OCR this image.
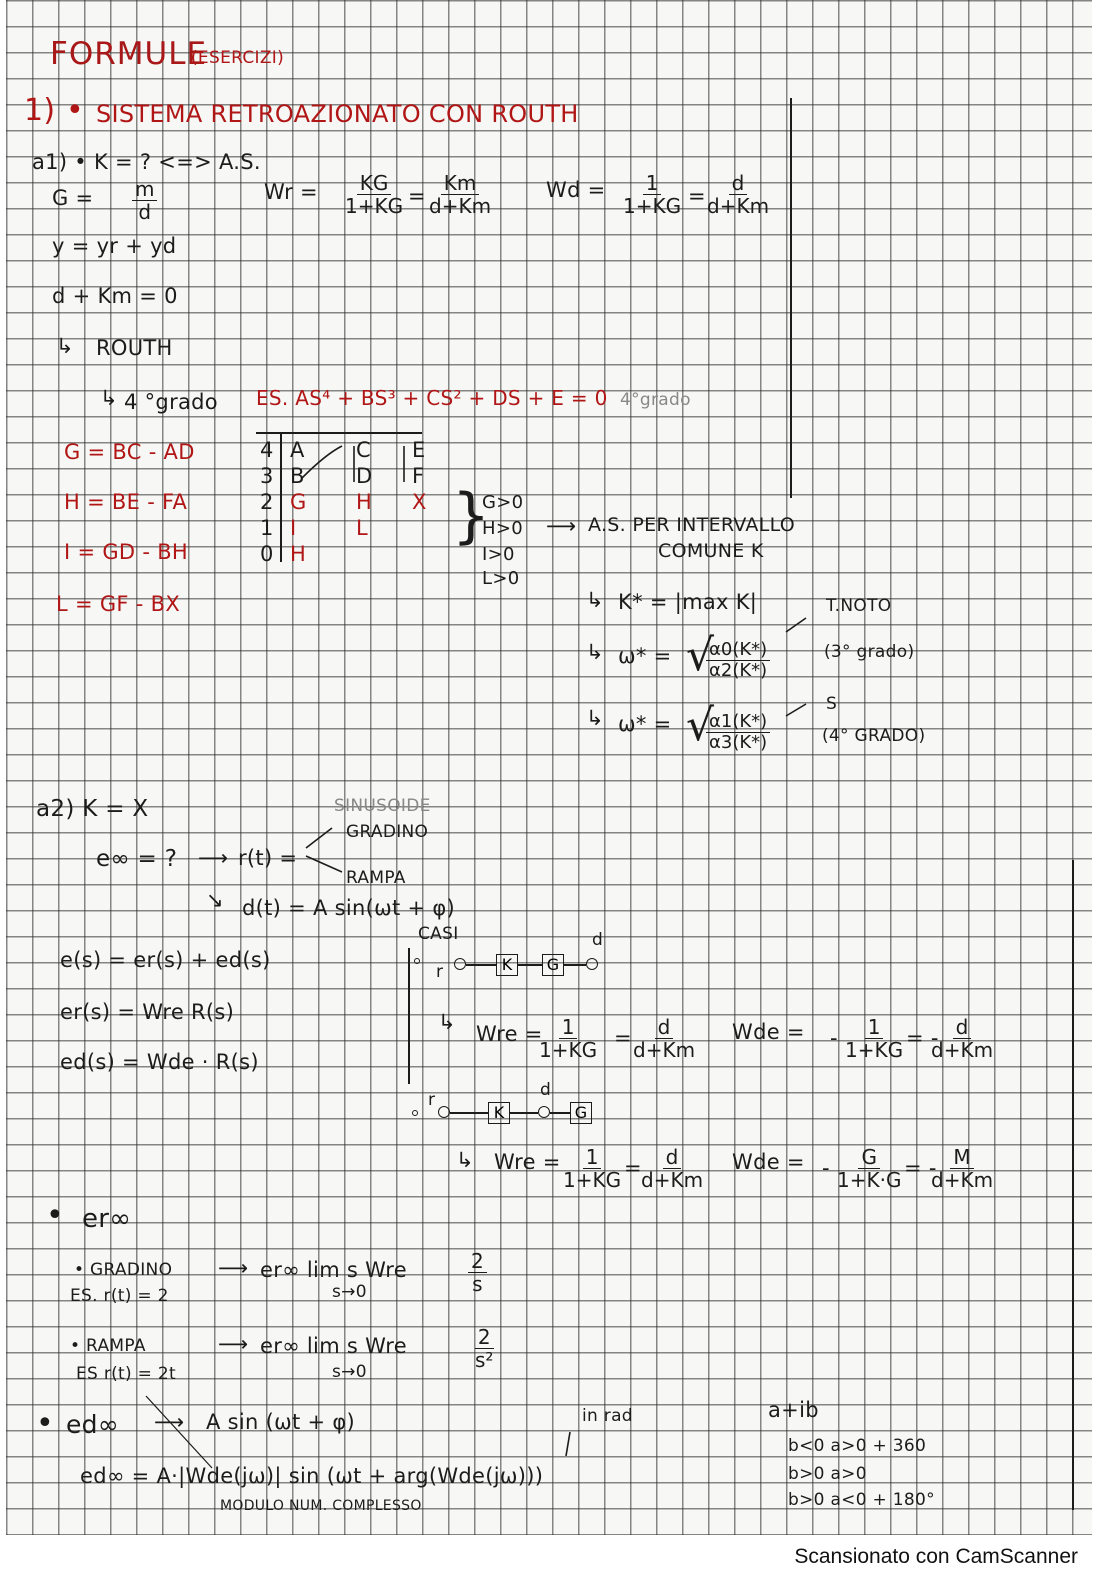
FORMULE
(ESERCIZI)
1) • SISTEMA RETROAZIONATO CON ROUTH
a1) • K = ? <=> A.S.
$G = \frac{m}{d}$	$Wr = \frac{KG}{1+KG} = \frac{Km}{d+Km}$ $Wd = \frac{1}{1+KG}$ =
$\frac{d}{d+Km}$
y = yr + yd
d + Km = 0
↳ ROUTH
↳ 4 °grado ES. AS⁴ + BS³ + CS² + DS + E = 0 4°grado
G = BC - AD
H = BE - FA
I = GD - BH
L = GF - BX
4 A C E
3 B D F
2 G H X
1 I	L
0 H
}
G>0
H>0
I>0
L>0
⟶ A.S. PER INTERVALLO
COMUNE K
↳ K* = |max K|
↳ ω* = √
$\frac{\alpha 0(K*)}{\alpha 2(K*)}$
T.NOTO
(3° grado)
↳ ω* = √
$\frac{\alpha 1(K*)}{\alpha 3(K*)}$
S
(4° GRADO)
a2) K = X
e∞ = ? ⟶ r(t) =
SINUSOIDE
GRADINO
RAMPA
↘ d(t) = A sin(ωt + φ)
e(s) = er(s) + ed(s)
er(s) = Wre R(s)
ed(s) = Wde · R(s)
CASI
r	K	G
d
↳ Wre =
$\frac{1}{1+KG}$ =
$\frac{d}{d+Km}$ Wde = - $\frac{1}{1+KG}$ = -
$\frac{d}{d+Km}$
r
K
d
G
↳ Wre = $\frac{1}{1+KG}$ =
$\frac{d}{d+Km}$ Wde = - $\frac{G}{1+K\cdot G}$ = -
$\frac{M}{d+Km}$
• er∞
• GRADINO
ES. r(t) = 2
⟶ er∞ lim s Wre
s→0	$\frac{2}{s}$
• RAMPA
ES r(t) = 2t
⟶ er∞ lim s Wre
s→0
$\frac{2}{\text{s²}}$
• ed∞ ⟶ A sin (ωt + φ)	in rad
ed∞ = A·|Wde(jω)| sin (ωt + arg(Wde(jω)))
MODULO NUM. COMPLESSO
a+ib
b<0 a>0 + 360
b>0 a>0
b>0 a<0 + 180°
Scansionato con CamScanner
